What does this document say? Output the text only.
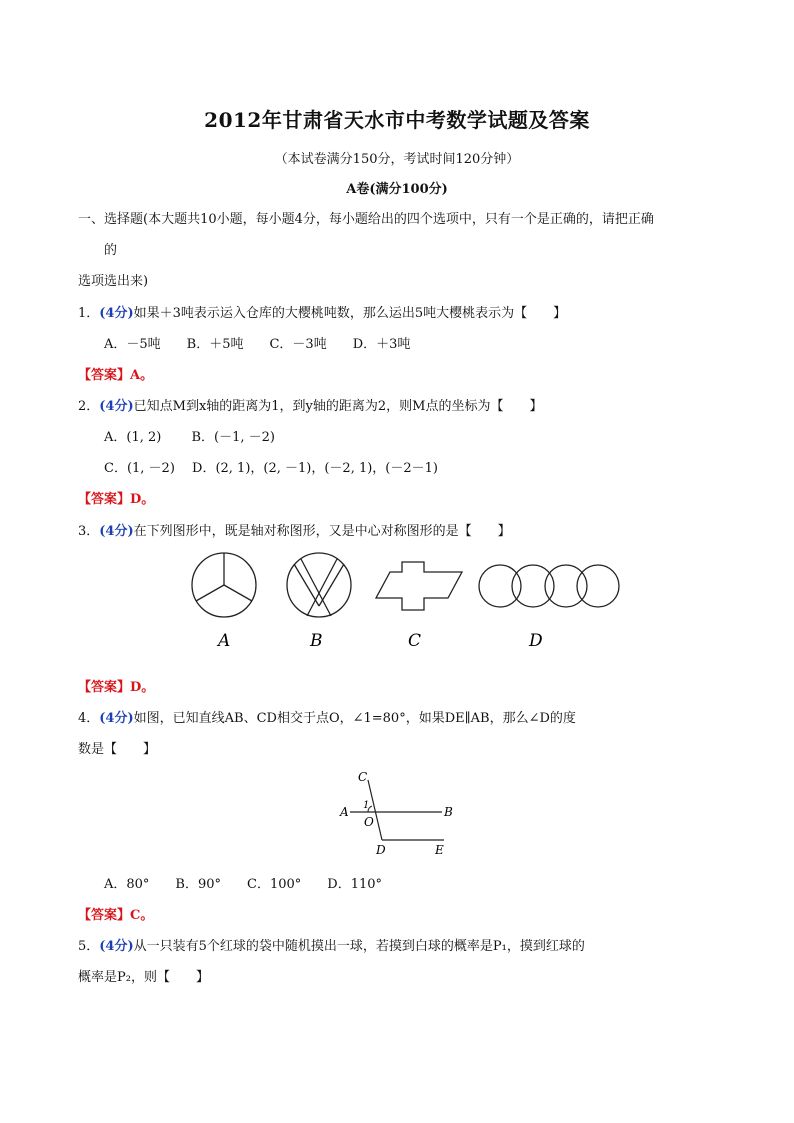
2012年甘肃省天水市中考数学试题及答案
（本试卷满分150分，考试时间120分钟）
A卷(满分100分)
一、选择题(本大题共10小题，每小题4分，每小题给出的四个选项中，只有一个是正确的，请把正确
的
选项选出来)
1．(4分)如果＋3吨表示运入仓库的大樱桃吨数，那么运出5吨大樱桃表示为【　　】
A．－5吨　　B．＋5吨　　C．－3吨　　D．＋3吨
【答案】A。
2．(4分)已知点M到x轴的距离为1，到y轴的距离为2，则M点的坐标为【　　】
A．(1, 2)　　 B．(－1, －2)
C．(1, －2)　 D．(2, 1)，(2, －1)，(－2, 1)，(－2－1)
【答案】D。
3．(4分)在下列图形中，既是轴对称图形，又是中心对称图形的是【　　】
A	B	C	D
【答案】D。
4．(4分)如图，已知直线AB、CD相交于点O，∠1=80°，如果DE∥AB，那么∠D的度
数是【　　】
C
1
A
O
B
D	E
A．80°　　B．90°　　C．100°　　D．110°
【答案】C。
5．(4分)从一只装有5个红球的袋中随机摸出一球，若摸到白球的概率是P₁，摸到红球的
概率是P₂，则【　　】
